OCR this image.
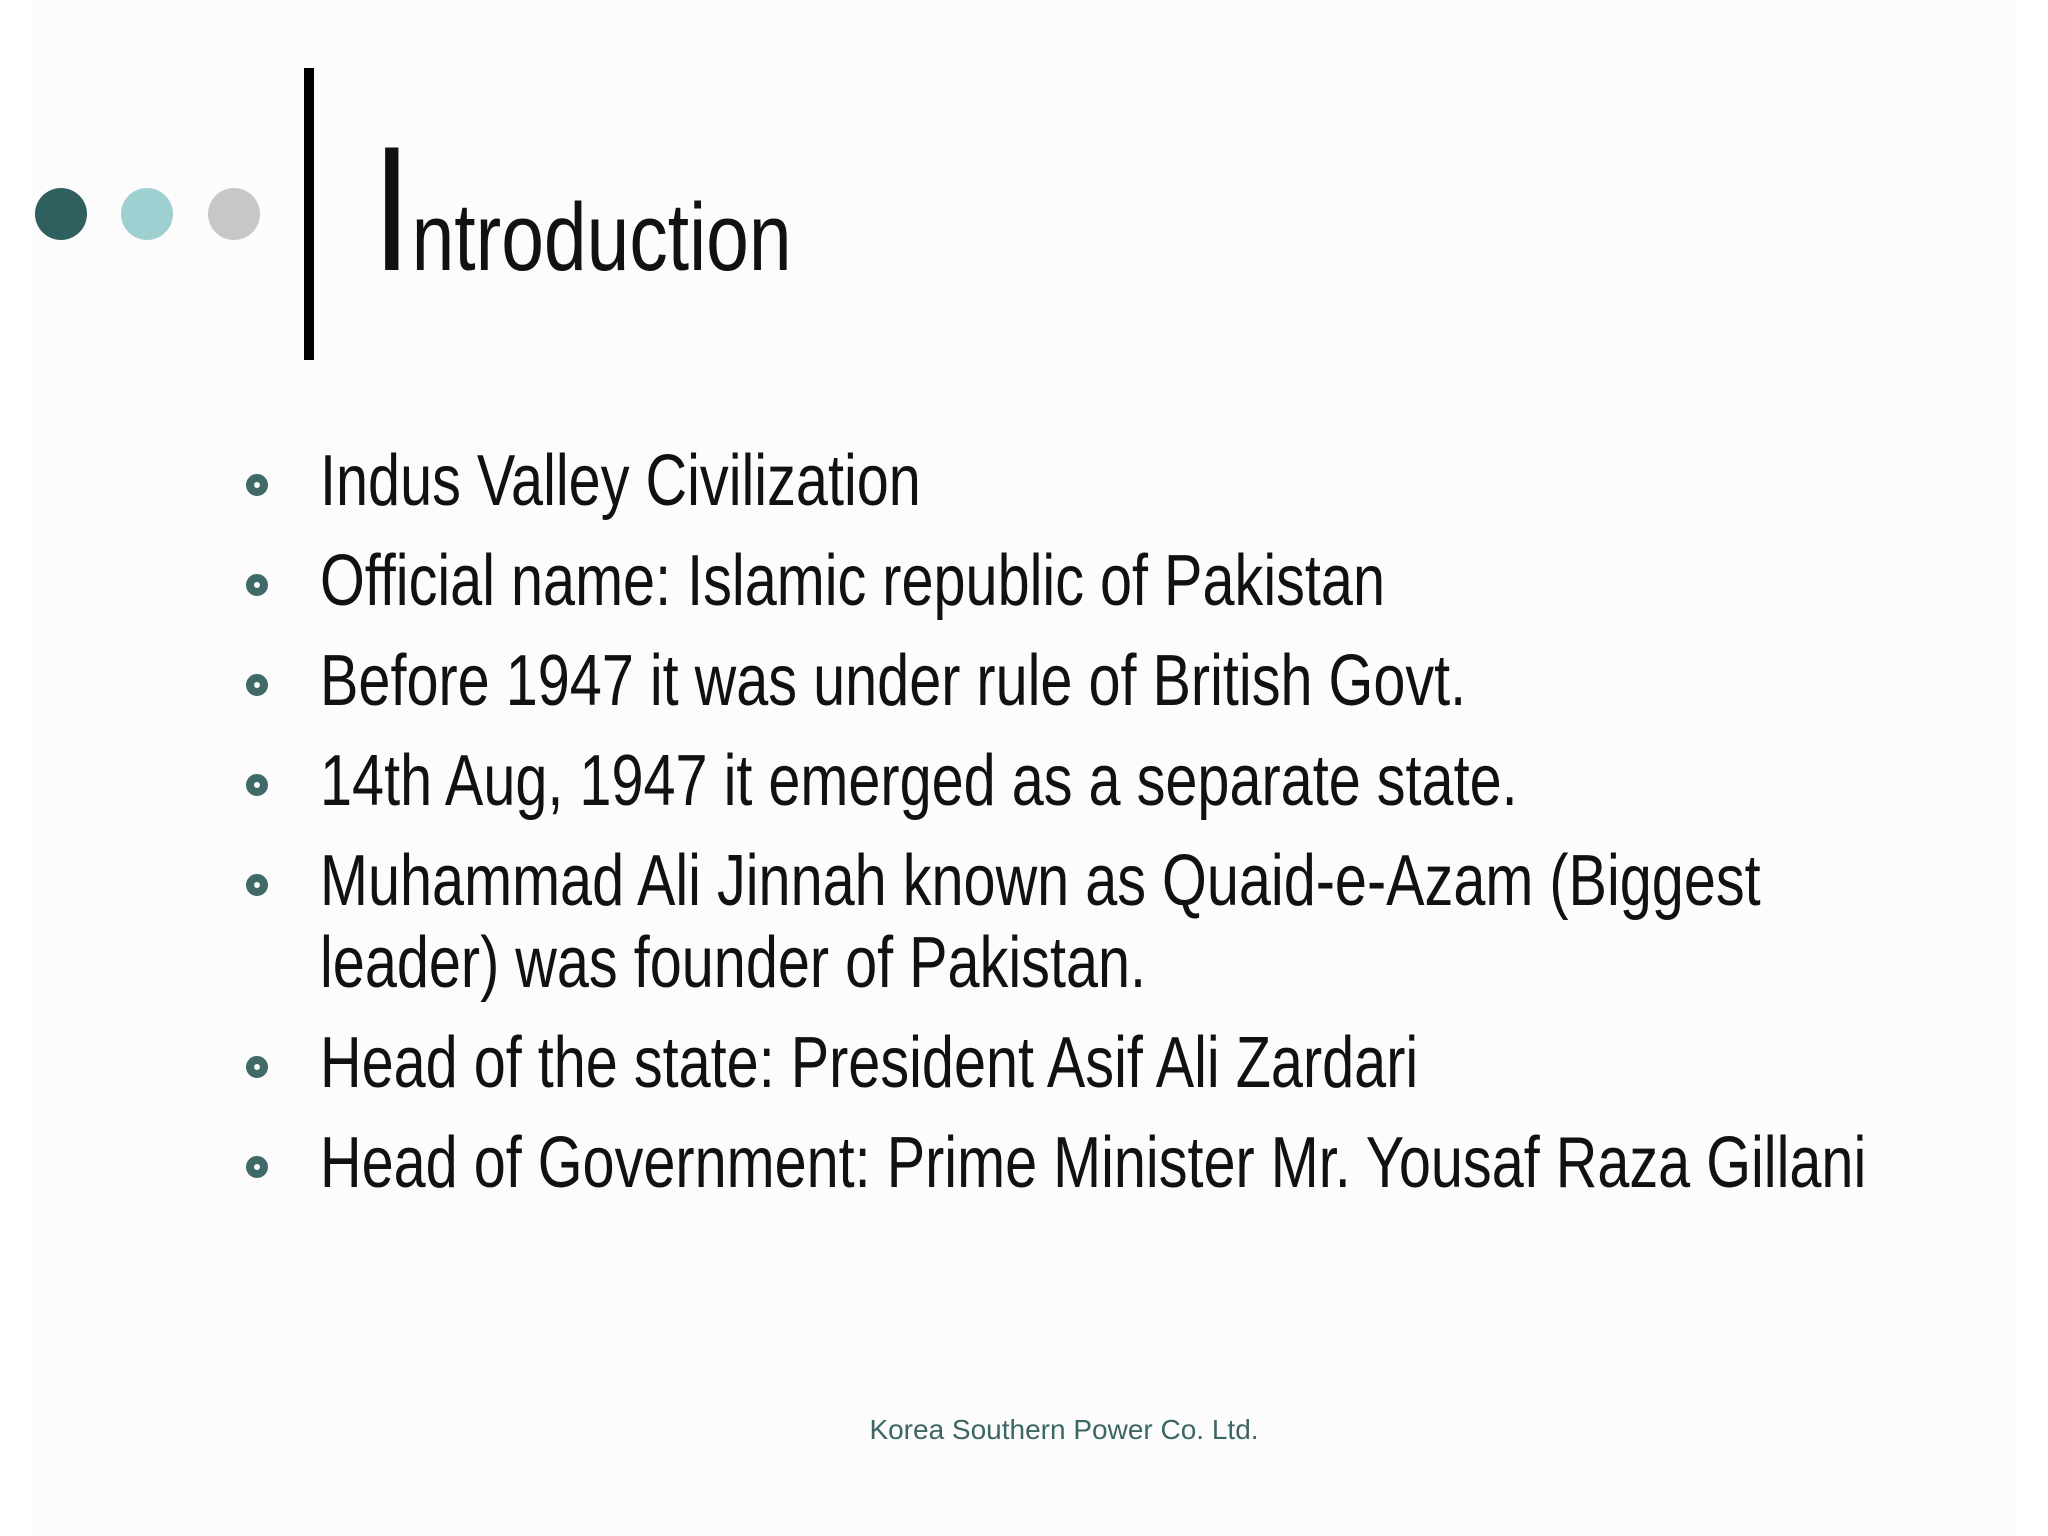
Introduction
Indus Valley Civilization
Official name: Islamic republic of Pakistan
Before 1947 it was under rule of British Govt.
14th Aug, 1947 it emerged as a separate state.
Muhammad Ali Jinnah known as Quaid-e-Azam (Biggest
leader) was founder of Pakistan.
Head of the state: President Asif Ali Zardari
Head of Government: Prime Minister Mr. Yousaf Raza Gillani
Korea Southern Power Co. Ltd.
